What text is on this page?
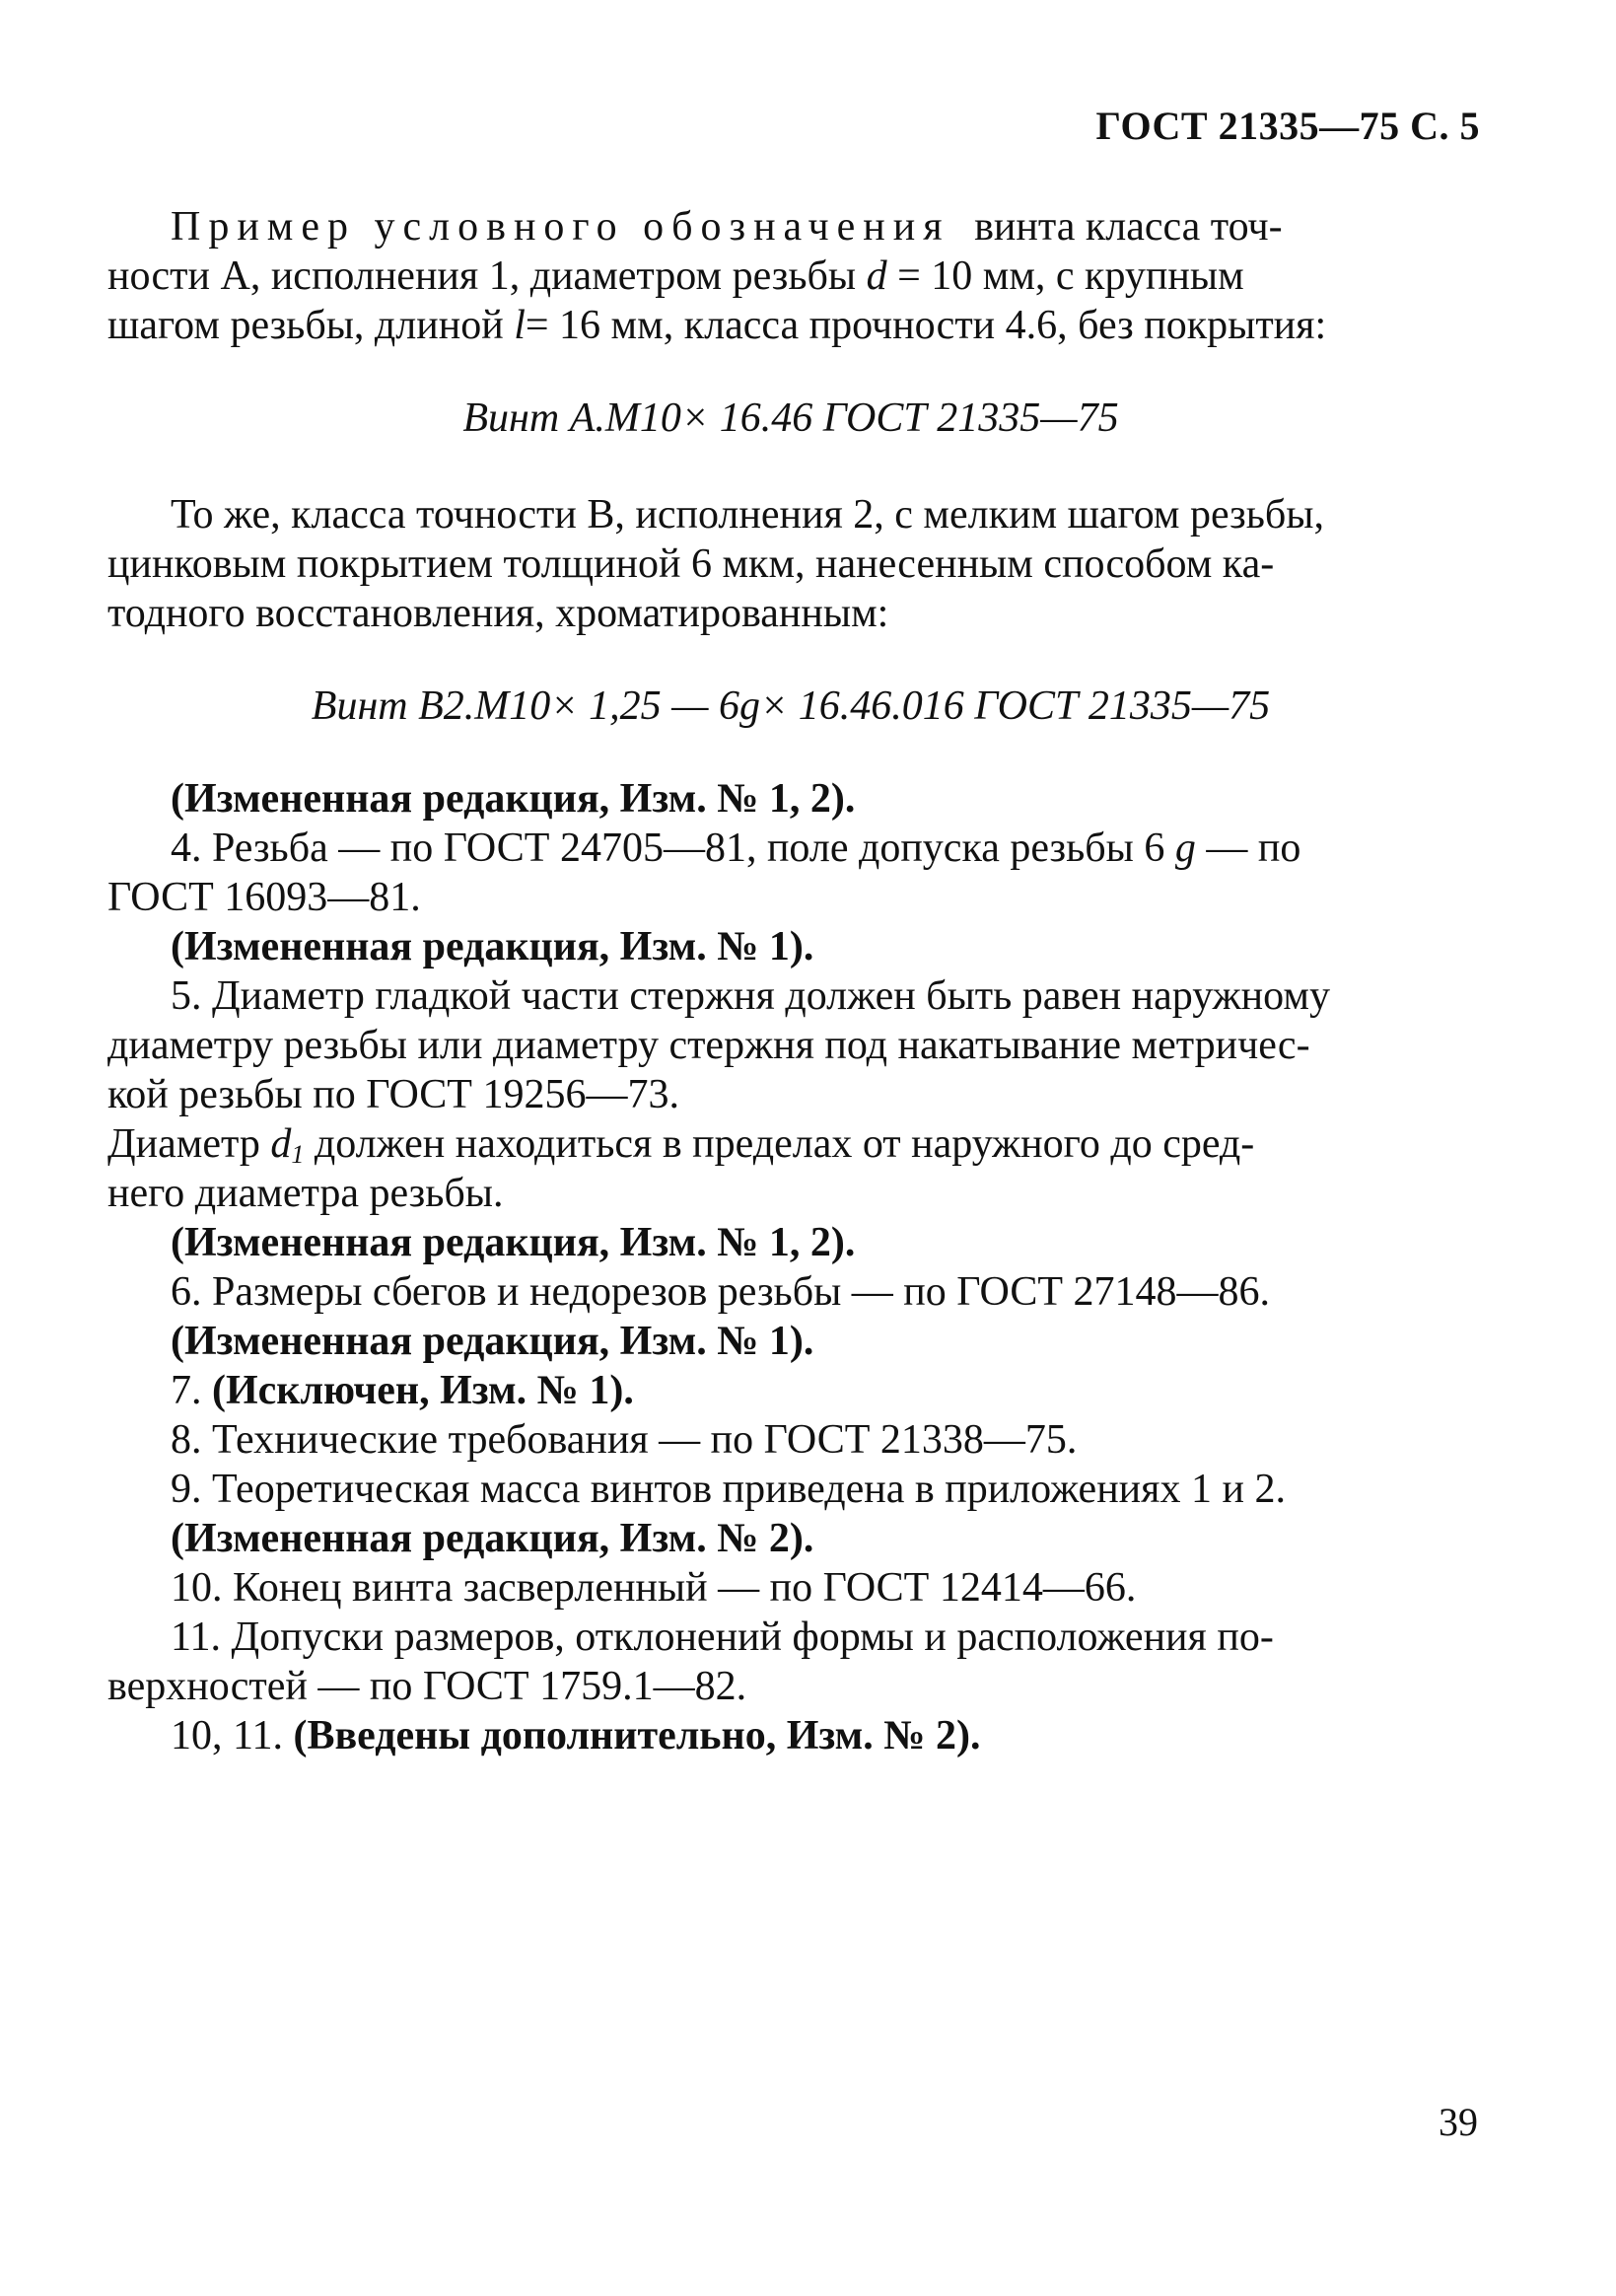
ГОСТ 21335—75 С. 5
Пример условного обозначения винта класса точ-
ности А, исполнения 1, диаметром резьбы d = 10 мм, с крупным
шагом резьбы, длиной l= 16 мм, класса прочности 4.6, без покрытия:
Винт А.М10× 16.46 ГОСТ 21335—75
То же, класса точности В, исполнения 2, с мелким шагом резьбы,
цинковым покрытием толщиной 6 мкм, нанесенным способом ка-
тодного восстановления, хроматированным:
Винт В2.М10× 1,25 — 6g× 16.46.016 ГОСТ 21335—75
(Измененная редакция, Изм. № 1, 2).
4. Резьба — по ГОСТ 24705—81, поле допуска резьбы 6 g — по
ГОСТ 16093—81.
(Измененная редакция, Изм. № 1).
5. Диаметр гладкой части стержня должен быть равен наружному
диаметру резьбы или диаметру стержня под накатывание метричес-
кой резьбы по ГОСТ 19256—73.
Диаметр $d_1$ должен находиться в пределах от наружного до сред-
него диаметра резьбы.
(Измененная редакция, Изм. № 1, 2).
6. Размеры сбегов и недорезов резьбы — по ГОСТ 27148—86.
(Измененная редакция, Изм. № 1).
7. (Исключен, Изм. № 1).
8. Технические требования — по ГОСТ 21338—75.
9. Теоретическая масса винтов приведена в приложениях 1 и 2.
(Измененная редакция, Изм. № 2).
10. Конец винта засверленный — по ГОСТ 12414—66.
11. Допуски размеров, отклонений формы и расположения по-
верхностей — по ГОСТ 1759.1—82.
10, 11. (Введены дополнительно, Изм. № 2).
39
